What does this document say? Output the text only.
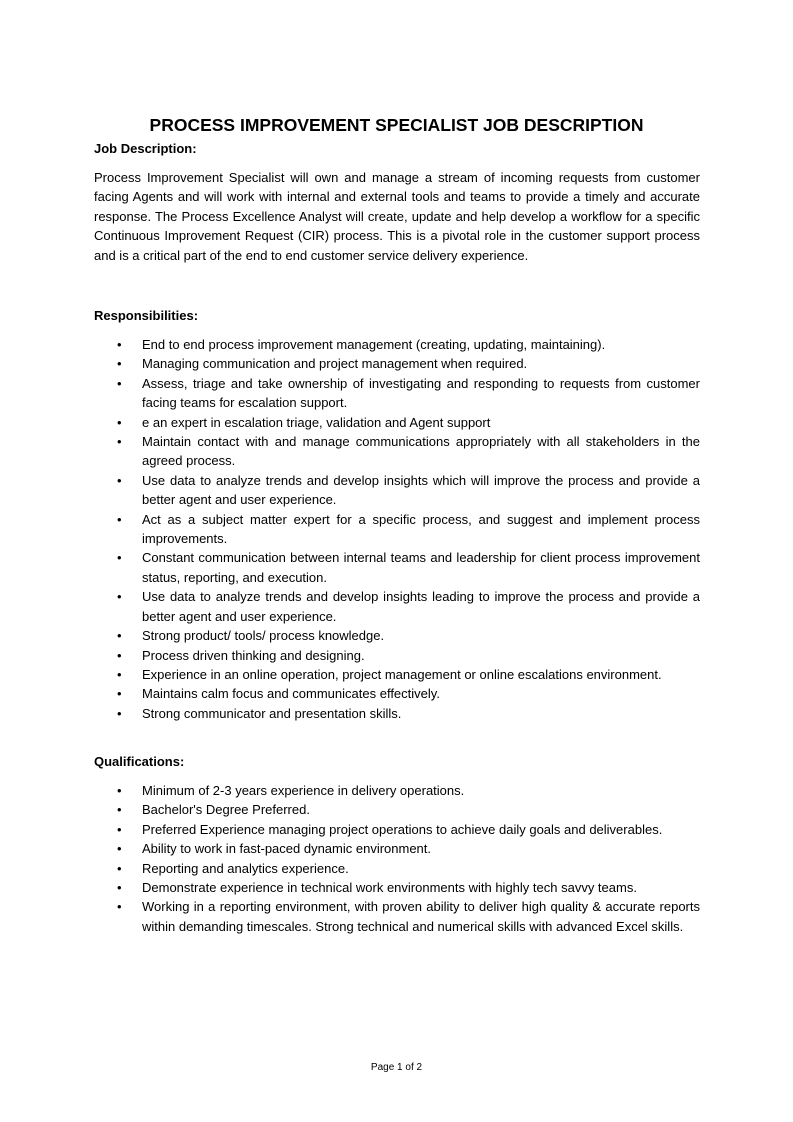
PROCESS IMPROVEMENT SPECIALIST JOB DESCRIPTION
Job Description:

Process Improvement Specialist will own and manage a stream of incoming requests from customer facing Agents and will work with internal and external tools and teams to provide a timely and accurate response. The Process Excellence Analyst will create, update and help develop a workflow for a specific Continuous Improvement Request (CIR) process. This is a pivotal role in the customer support process and is a critical part of the end to end customer service delivery experience.

Responsibilities:
• End to end process improvement management (creating, updating, maintaining).
• Managing communication and project management when required.
• Assess, triage and take ownership of investigating and responding to requests from customer facing teams for escalation support.
• e an expert in escalation triage, validation and Agent support
• Maintain contact with and manage communications appropriately with all stakeholders in the agreed process.
• Use data to analyze trends and develop insights which will improve the process and provide a better agent and user experience.
• Act as a subject matter expert for a specific process, and suggest and implement process improvements.
• Constant communication between internal teams and leadership for client process improvement status, reporting, and execution.
• Use data to analyze trends and develop insights leading to improve the process and provide a better agent and user experience.
• Strong product/ tools/ process knowledge.
• Process driven thinking and designing.
• Experience in an online operation, project management or online escalations environment.
• Maintains calm focus and communicates effectively.
• Strong communicator and presentation skills.
Qualifications:
• Minimum of 2-3 years experience in delivery operations.
• Bachelor's Degree Preferred.
• Preferred Experience managing project operations to achieve daily goals and deliverables.
• Ability to work in fast-paced dynamic environment.
• Reporting and analytics experience.
• Demonstrate experience in technical work environments with highly tech savvy teams.
• Working in a reporting environment, with proven ability to deliver high quality & accurate reports within demanding timescales. Strong technical and numerical skills with advanced Excel skills.
Page 1 of 2
